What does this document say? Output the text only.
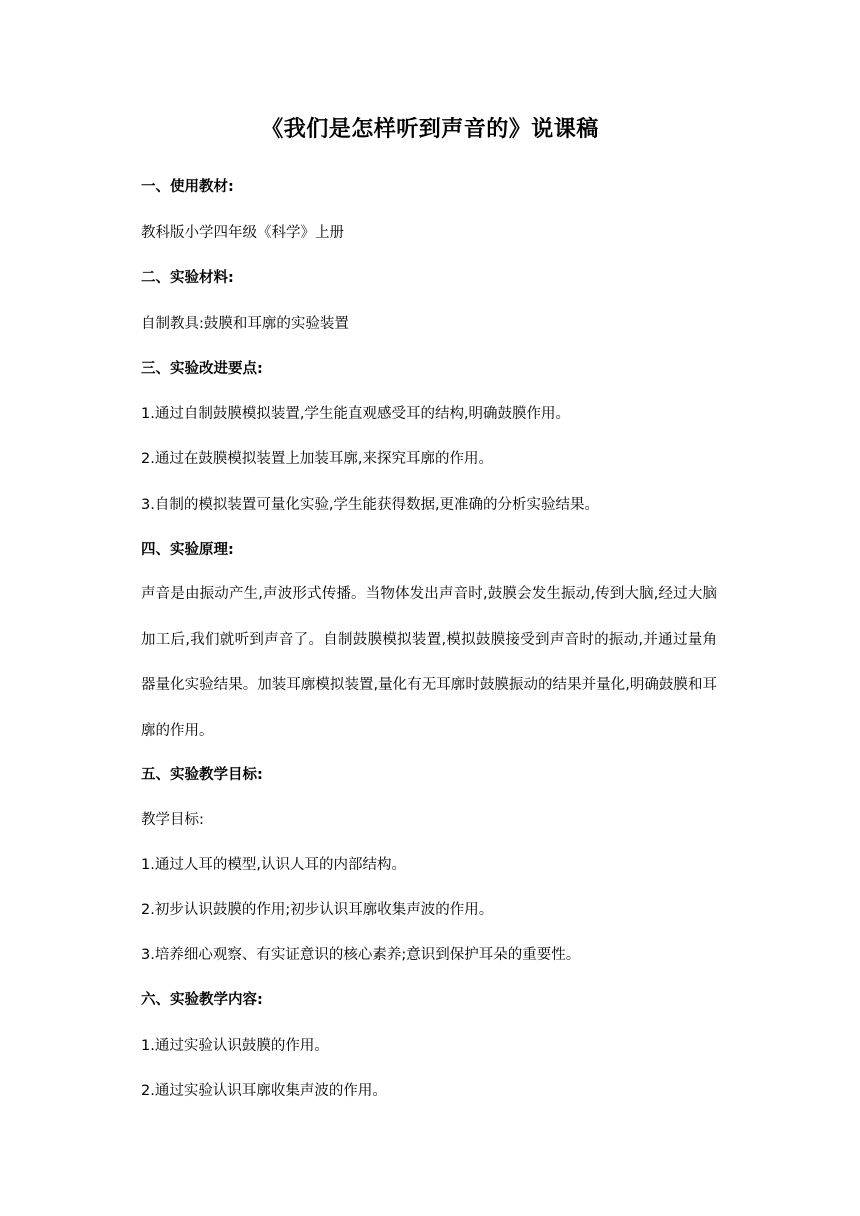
《我们是怎样听到声音的》说课稿
一、使用教材:
教科版小学四年级《科学》上册
二、实验材料:
自制教具:鼓膜和耳廓的实验装置
三、实验改进要点:
1.通过自制鼓膜模拟装置,学生能直观感受耳的结构,明确鼓膜作用。
2.通过在鼓膜模拟装置上加装耳廓,来探究耳廓的作用。
3.自制的模拟装置可量化实验,学生能获得数据,更准确的分析实验结果。
四、实验原理:
声音是由振动产生,声波形式传播。当物体发出声音时,鼓膜会发生振动,传到大脑,经过大脑加工后,我们就听到声音了。自制鼓膜模拟装置,模拟鼓膜接受到声音时的振动,并通过量角器量化实验结果。加装耳廓模拟装置,量化有无耳廓时鼓膜振动的结果并量化,明确鼓膜和耳廓的作用。
五、实验教学目标:
教学目标:
1.通过人耳的模型,认识人耳的内部结构。
2.初步认识鼓膜的作用;初步认识耳廓收集声波的作用。
3.培养细心观察、有实证意识的核心素养;意识到保护耳朵的重要性。
六、实验教学内容:
1.通过实验认识鼓膜的作用。
2.通过实验认识耳廓收集声波的作用。
